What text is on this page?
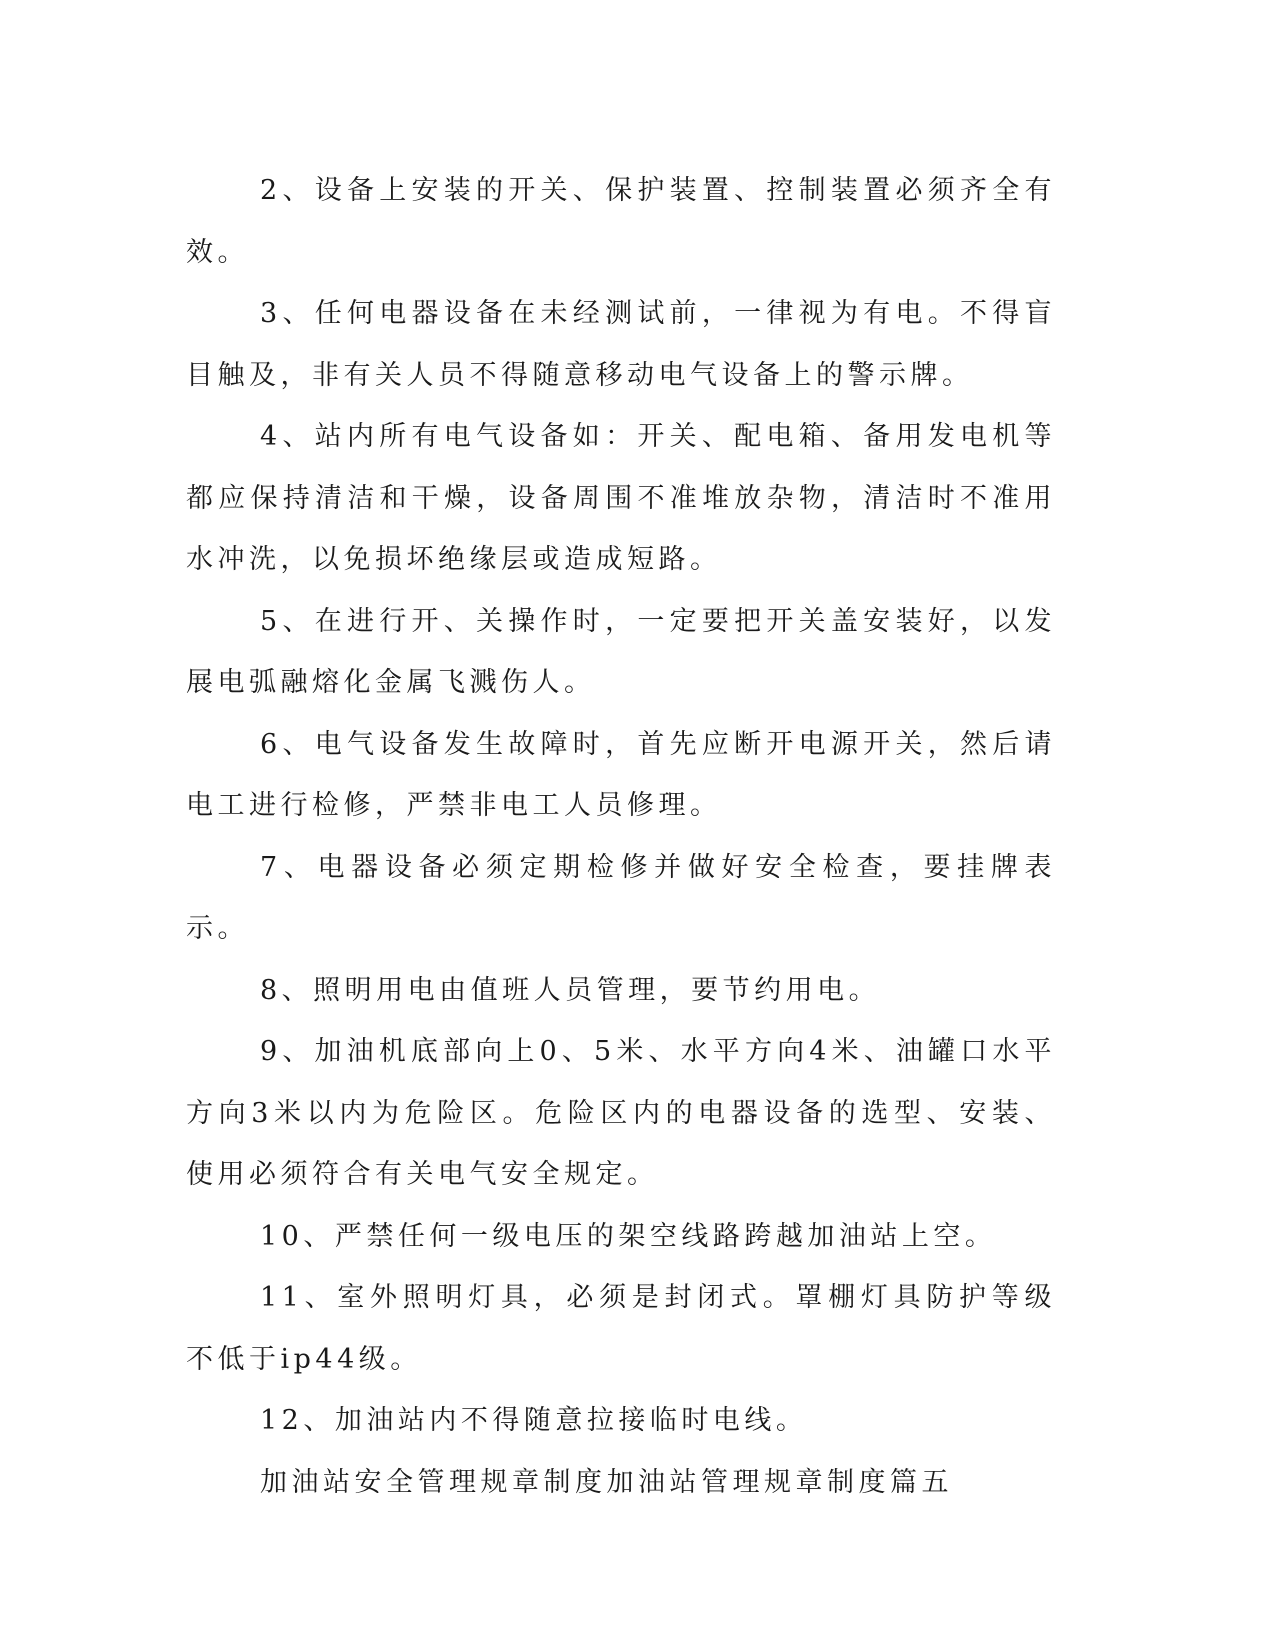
2、设备上安装的开关、保护装置、控制装置必须齐全有效。

3、任何电器设备在未经测试前，一律视为有电。不得盲目触及，非有关人员不得随意移动电气设备上的警示牌。

4、站内所有电气设备如：开关、配电箱、备用发电机等都应保持清洁和干燥，设备周围不准堆放杂物，清洁时不准用水冲洗，以免损坏绝缘层或造成短路。

5、在进行开、关操作时，一定要把开关盖安装好，以发展电弧融熔化金属飞溅伤人。

6、电气设备发生故障时，首先应断开电源开关，然后请电工进行检修，严禁非电工人员修理。

7、电器设备必须定期检修并做好安全检查，要挂牌表示。

8、照明用电由值班人员管理，要节约用电。

9、加油机底部向上0、5米、水平方向4米、油罐口水平方向3米以内为危险区。危险区内的电器设备的选型、安装、使用必须符合有关电气安全规定。

10、严禁任何一级电压的架空线路跨越加油站上空。

11、室外照明灯具，必须是封闭式。罩棚灯具防护等级不低于ip44级。

12、加油站内不得随意拉接临时电线。

加油站安全管理规章制度加油站管理规章制度篇五
